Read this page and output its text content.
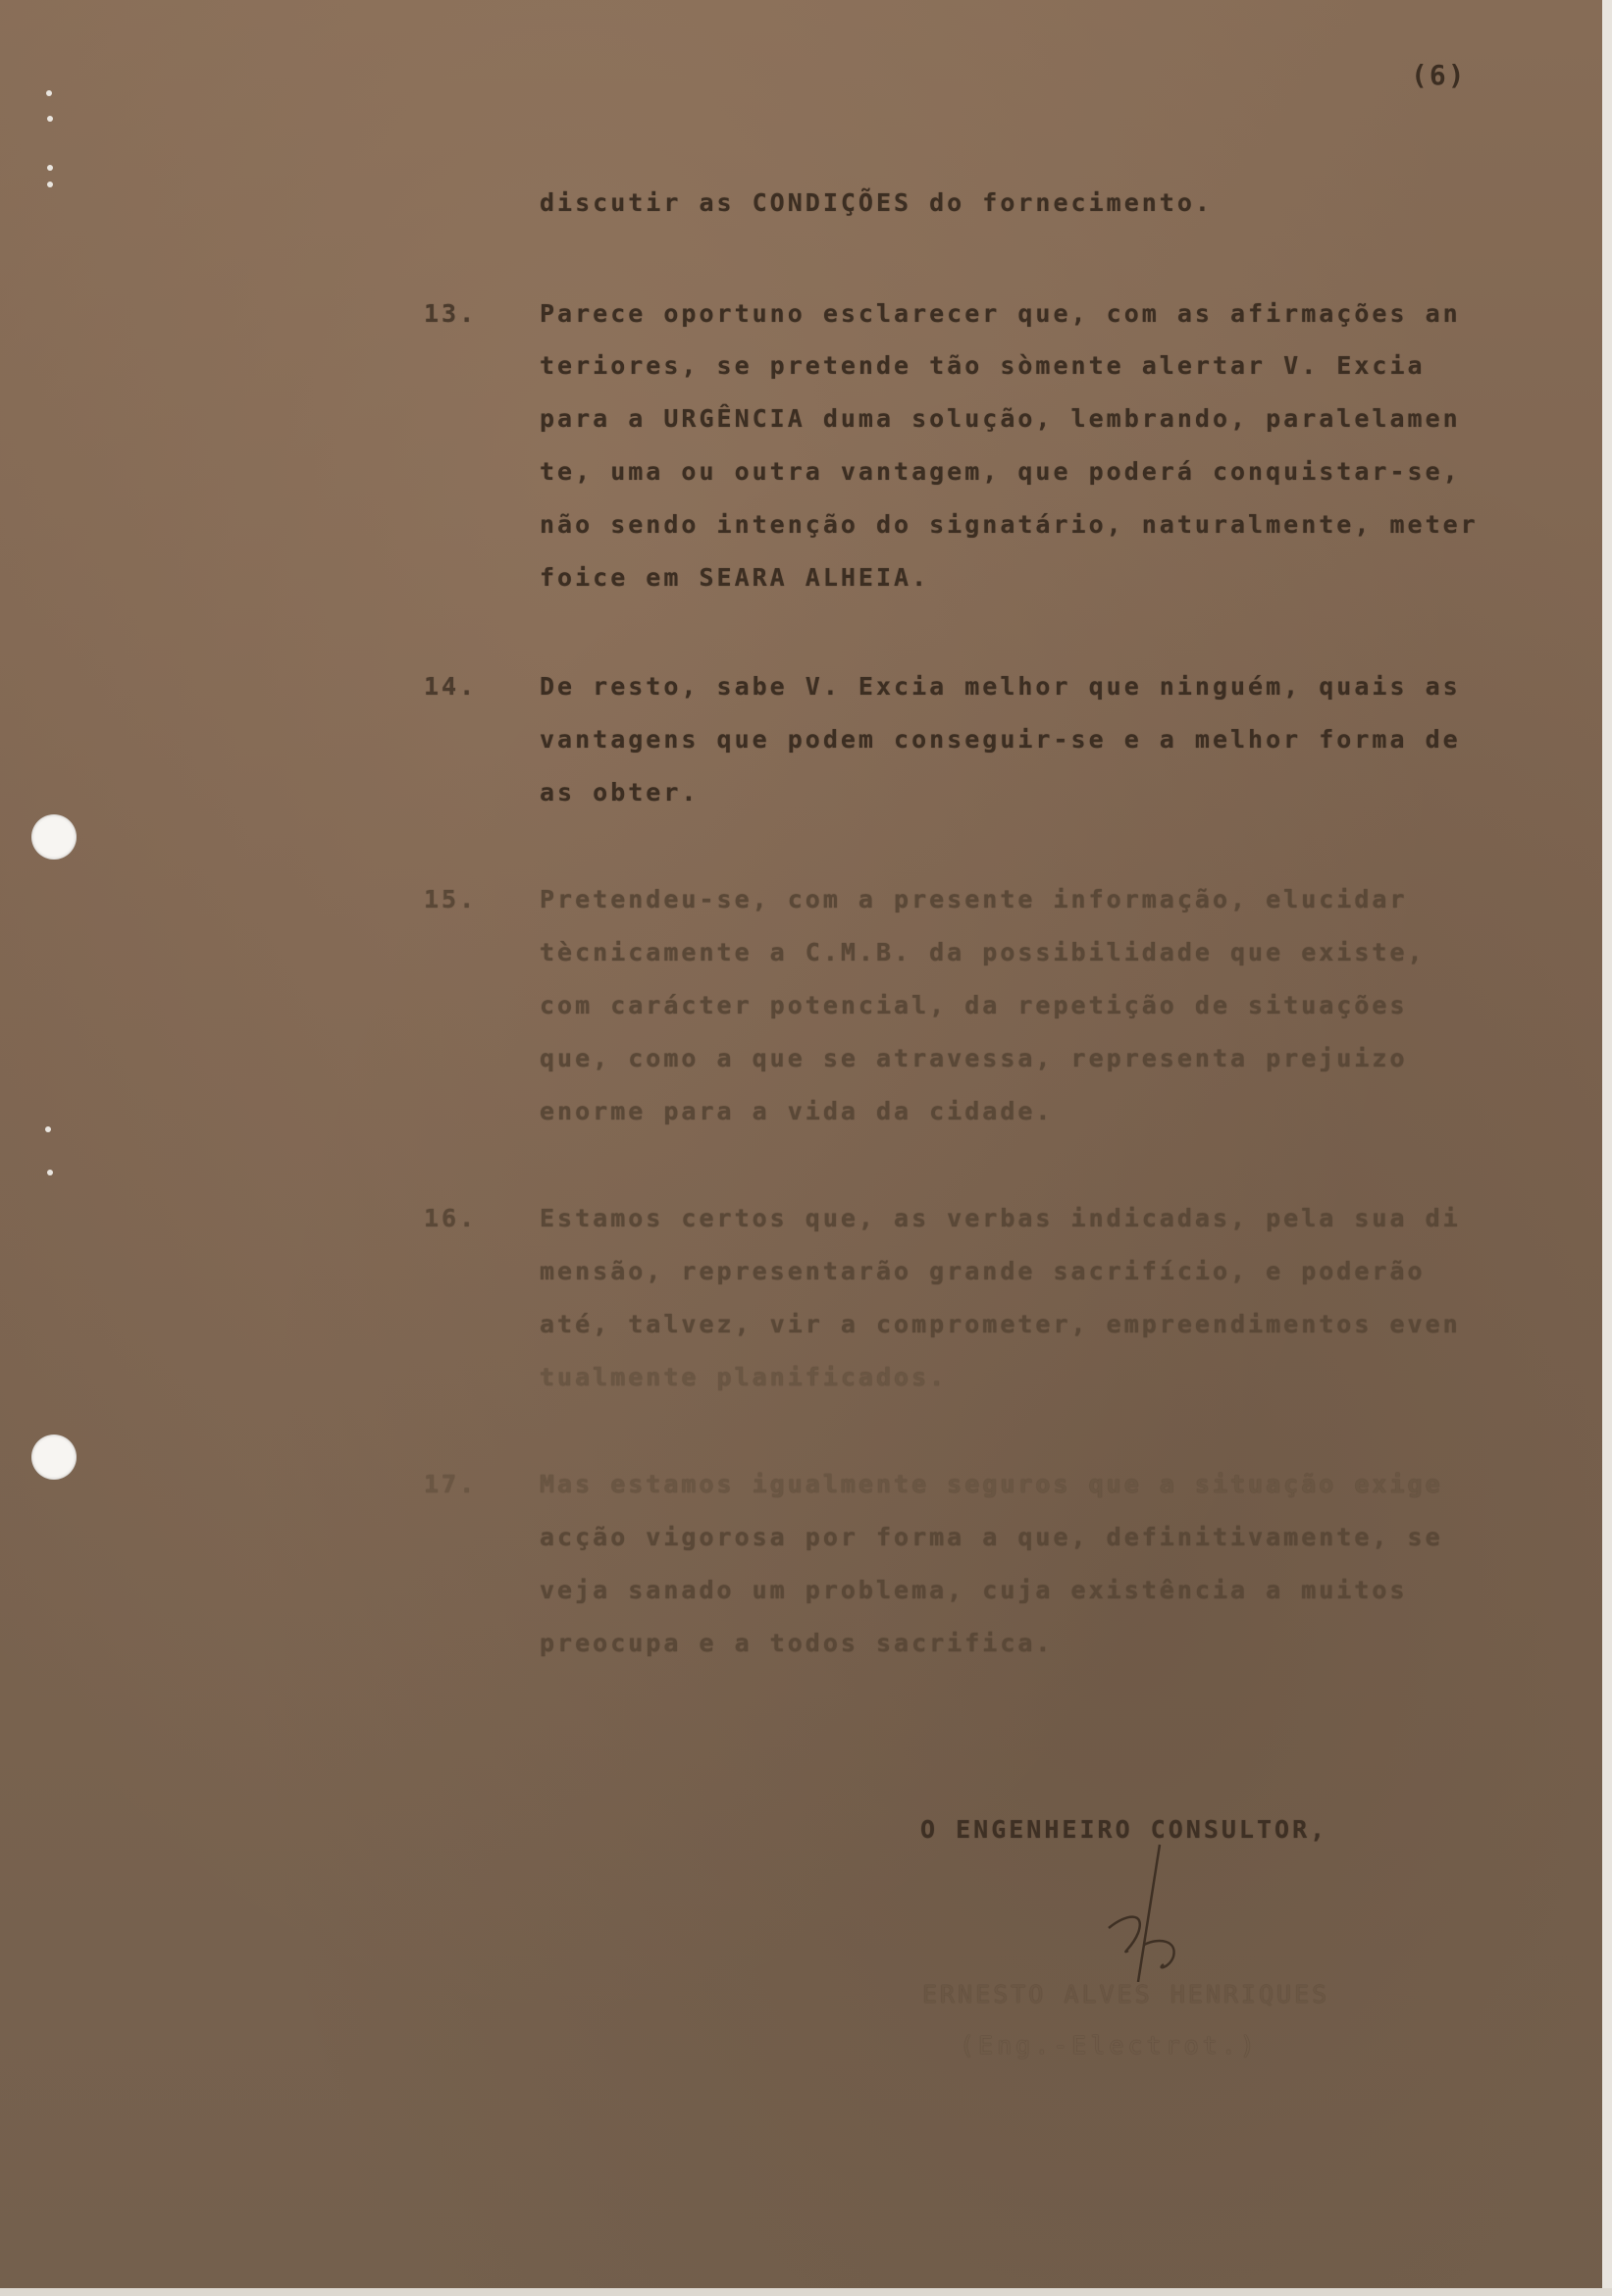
(6)
discutir as CONDIÇÕES do fornecimento.
13.	Parece oportuno esclarecer que, com as afirmações an
teriores, se pretende tão sòmente alertar V. Excia
para a URGÊNCIA duma solução, lembrando, paralelamen
te, uma ou outra vantagem, que poderá conquistar-se,
não sendo intenção do signatário, naturalmente, meter
foice em SEARA ALHEIA.
14.	De resto, sabe V. Excia melhor que ninguém, quais as
vantagens que podem conseguir-se e a melhor forma de
as obter.
15.	Pretendeu-se, com a presente informação, elucidar
tècnicamente a C.M.B. da possibilidade que existe,
com carácter potencial, da repetição de situações
que, como a que se atravessa, representa prejuizo
enorme para a vida da cidade.
16.	Estamos certos que, as verbas indicadas, pela sua di
mensão, representarão grande sacrifício, e poderão
até, talvez, vir a comprometer, empreendimentos even
tualmente planificados.
17.	Mas estamos igualmente seguros que a situação exige
acção vigorosa por forma a que, definitivamente, se
veja sanado um problema, cuja existência a muitos
preocupa e a todos sacrifica.
O ENGENHEIRO CONSULTOR,
ERNESTO ALVES HENRIQUES
(Eng.-Electrot.)
